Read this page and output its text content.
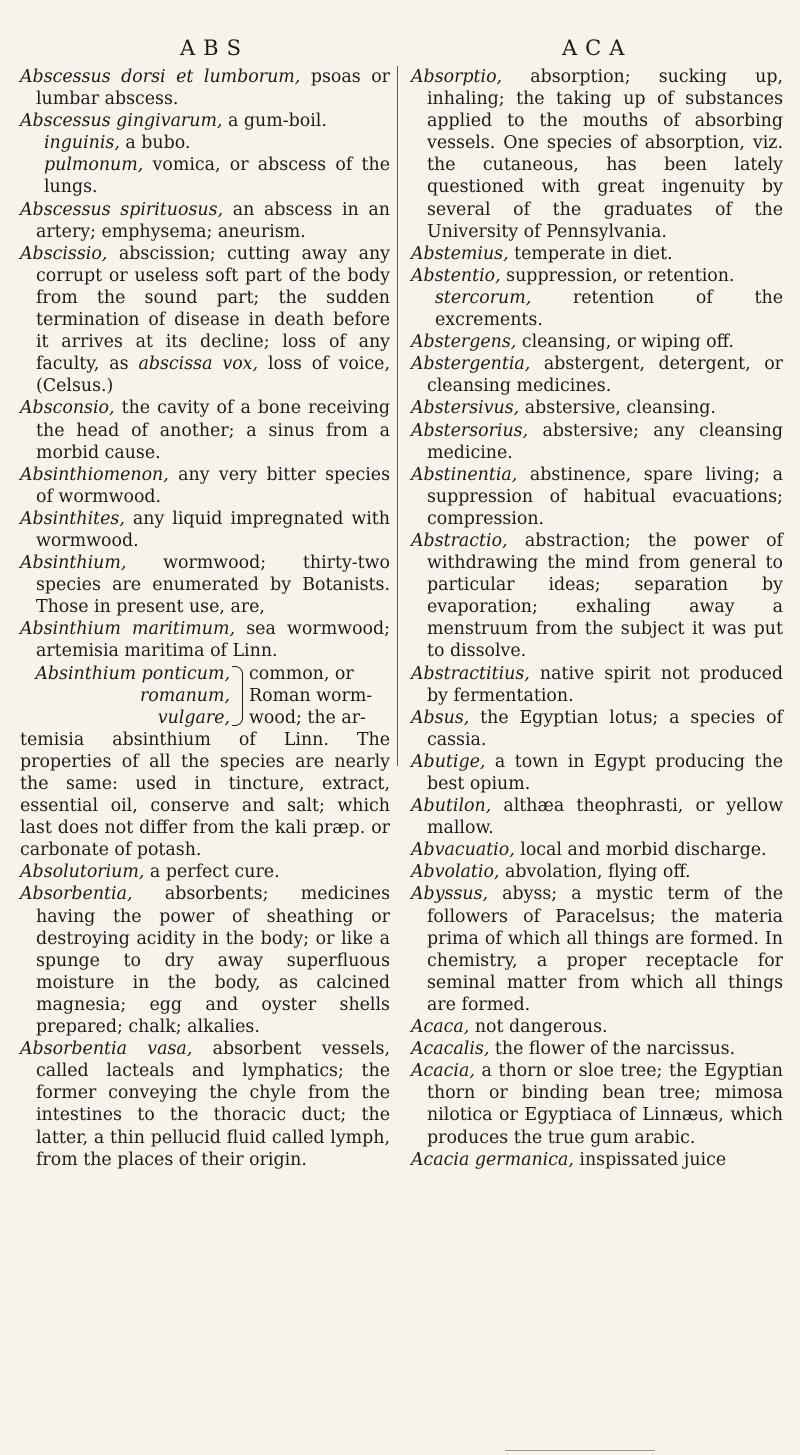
ABS	ACA

Abscessus dorsi et lumborum, psoas or lumbar abscess.

Abscessus gingivarum, a gum-boil.

inguinis, a bubo.

pulmonum, vomica, or abscess of the lungs.

Abscessus spirituosus, an abscess in an artery; emphysema; aneurism.

Abscissio, abscission; cutting away any corrupt or useless soft part of the body from the sound part; the sudden termination of disease in death before it arrives at its decline; loss of any faculty, as abscissa vox, loss of voice, (Celsus.)

Absconsio, the cavity of a bone receiving the head of another; a sinus from a morbid cause.

Absinthiomenon, any very bitter species of wormwood.

Absinthites, any liquid impregnated with wormwood.

Absinthium, wormwood; thirty-two species are enumerated by Botanists. Those in present use, are,

Absinthium maritimum, sea wormwood; artemisia maritima of Linn.

Absinthium ponticum,
romanum,
vulgare,
common, or
Roman worm-
wood; the ar-

temisia absinthium of Linn. The properties of all the species are nearly the same: used in tincture, extract, essential oil, conserve and salt; which last does not differ from the kali præp. or carbonate of potash.

Absolutorium, a perfect cure.

Absorbentia, absorbents; medicines having the power of sheathing or destroying acidity in the body; or like a spunge to dry away superfluous moisture in the body, as calcined magnesia; egg and oyster shells prepared; chalk; alkalies.

Absorbentia vasa, absorbent vessels, called lacteals and lymphatics; the former conveying the chyle from the intestines to the thoracic duct; the latter, a thin pellucid fluid called lymph, from the places of their origin.

Absorptio, absorption; sucking up, inhaling; the taking up of substances applied to the mouths of absorbing vessels. One species of absorption, viz. the cutaneous, has been lately questioned with great ingenuity by several of the graduates of the University of Pennsylvania.

Abstemius, temperate in diet.

Abstentio, suppression, or retention.

stercorum, retention of the excrements.

Abstergens, cleansing, or wiping off.

Abstergentia, abstergent, detergent, or cleansing medicines.

Abstersivus, abstersive, cleansing.

Abstersorius, abstersive; any cleansing medicine.

Abstinentia, abstinence, spare living; a suppression of habitual evacuations; compression.

Abstractio, abstraction; the power of withdrawing the mind from general to particular ideas; separation by evaporation; exhaling away a menstruum from the subject it was put to dissolve.

Abstractitius, native spirit not produced by fermentation.

Absus, the Egyptian lotus; a species of cassia.

Abutige, a town in Egypt producing the best opium.

Abutilon, althæa theophrasti, or yellow mallow.

Abvacuatio, local and morbid discharge.

Abvolatio, abvolation, flying off.

Abyssus, abyss; a mystic term of the followers of Paracelsus; the materia prima of which all things are formed. In chemistry, a proper receptacle for seminal matter from which all things are formed.

Acaca, not dangerous.

Acacalis, the flower of the narcissus.

Acacia, a thorn or sloe tree; the Egyptian thorn or binding bean tree; mimosa nilotica or Egyptiaca of Linnæus, which produces the true gum arabic.

Acacia germanica, inspissated juice
